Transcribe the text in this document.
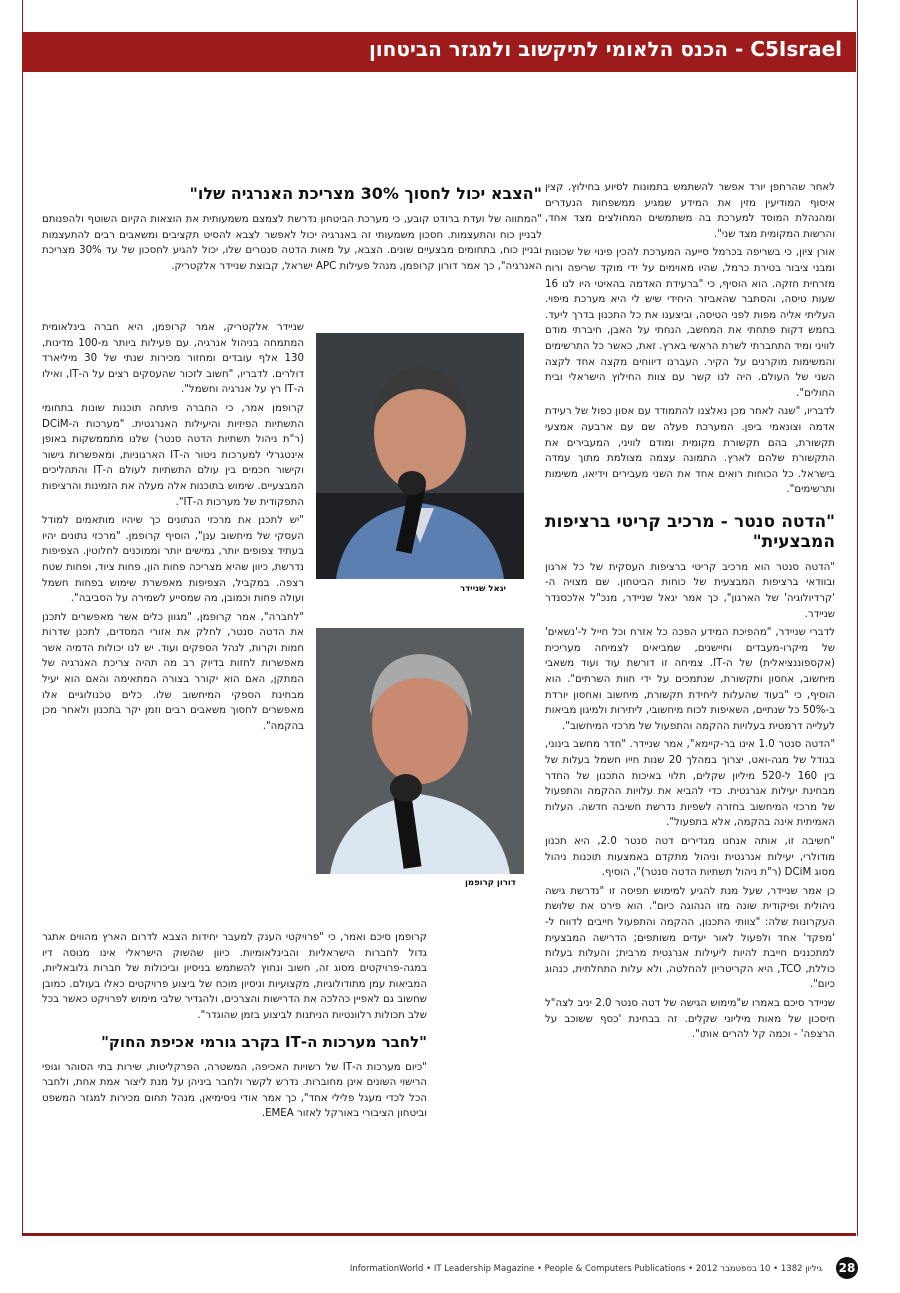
C5Israel - הכנס הלאומי לתיקשוב ולמגזר הביטחון

לאחר שהרחפן יורד אפשר להשתמש בתמונות לסיוע בחילוץ. קצין איסוף המודיעין מזין את המידע שמגיע ממשפחות הנעדרים ומהנהלת המוסד למערכת בה משתמשים המחולצים מצד אחד, והרשות המקומית מצד שני".

אורן ציון, כי בשריפה בכרמל סייעה המערכת להכין פינוי של שכונות ומבני ציבור בטירת כרמל, שהיו מאוימים על ידי מוקד שריפה ורוח מזרחית חזקה. הוא הוסיף, כי "ברעידת האדמה בהאיטי היו לנו 16 שעות טיסה, והסתבר שהאביזר היחידי שיש לי היא מערכת מיפוי. העליתי אליה מפות לפני הטיסה, וביצענו את כל התכנון בדרך ליעד. בחמש דקות פתחתי את המחשב, הנחתי על האבן, חיברתי מודם לוויני ומיד התחברתי לשרת הראשי בארץ. זאת, כאשר כל התרשימים והמשימות מוקרנים על הקיר. העברנו דיווחים מקצה אחד לקצה השני של העולם. היה לנו קשר עם צוות החילוץ הישראלי ובית החולים".

לדבריו, "שנה לאחר מכן נאלצנו להתמודד עם אסון כפול של רעידת אדמה וצונאמי ביפן. המערכת פעלה שם עם ארבעה אמצעי תקשורת, בהם תקשורת מקומית ומודם לוויני, המעבירים את התקשורת שלהם לארץ. התמונה עצמה מצולמת מתוך עמדה בישראל. כל הכוחות רואים אחד את השני מעבירים וידיאו, משימות ותרשימים".

"הדטה סנטר - מרכיב קריטי ברציפות המבצעית"

"הדטה סנטר הוא מרכיב קריטי ברציפות העסקית של כל ארגון ובוודאי ברציפות המבצעית של כוחות הביטחון. שם מצויה ה-'קרדיולוגיה' של הארגון", כך אמר יגאל שניידר, מנכ"ל אלכסנדר שניידר.

לדברי שניידר, "מהפיכת המידע הפכה כל אזרח וכל חייל ל-'נשאים' של מיקרו-מעבדים וחיישנים, שמביאים לצמיחה מעריכית (אקספוננציאלית) של ה-IT. צמיחה זו דורשת עוד ועוד משאבי מיחשוב, אחסון ותקשורת, שנתמכים על ידי חוות השרתים". הוא הוסיף, כי "בעוד שהעלות ליחידת תקשורת, מיחשוב ואחסון יורדת ב-50% כל שנתיים, השאיפות לכוח מיחשובי, ליתירות ולמיגון מביאות לעלייה דרמטית בעלויות ההקמה והתפעול של מרכזי המיחשוב".

"הדטה סנטר 1.0 אינו בר-קיימא", אמר שניידר. "חדר מחשב בינוני, בגודל של מגה-ואט, יצרוך במהלך 20 שנות חייו חשמל בעלות של בין 160 ל-520 מיליון שקלים, תלוי באיכות התכנון של החדר מבחינת יעילות אנרגטית. כדי להביא את עלויות ההקמה והתפעול של מרכזי המיחשוב בחזרה לשפיות נדרשת חשיבה חדשה. העלות האמיתית אינה בהקמה, אלא בתפעול".

"חשיבה זו, אותה אנחנו מגדירים דטה סנטר 2.0, היא תכנון מודולרי, יעילות אנרגטית וניהול מתקדם באמצעות תוכנות ניהול מסוג DCiM (ר"ת ניהול תשתיות הדטה סנטר)", הוסיף.

כן אמר שניידר, שעל מנת להגיע למימוש תפיסה זו "נדרשת גישה ניהולית ופיקודית שונה מזו הנהוגה כיום". הוא פירט את שלושת העקרונות שלה: "צוותי התכנון, ההקמה והתפעול חייבים לדווח ל-'מפקד' אחד ולפעול לאור יעדים משותפים; הדרישה המבצעית למתכננים חייבת להיות ליעילות אנרגטית מרבית; והעלות בעלות כוללת, TCO, היא הקריטריון להחלטה, ולא עלות התחלתית, כנהוג כיום".

שניידר סיכם באמרו ש"מימוש הגישה של דטה סנטר 2.0 יניב לצה"ל חיסכון של מאות מיליוני שקלים. זה בבחינת 'כסף ששוכב על הרצפה' - וכמה קל להרים אותו".

יגאל שניידר
דורון קרופמן
"הצבא יכול לחסוך 30% מצריכת האנרגיה שלו"

"המתווה של ועדת ברודט קובע, כי מערכת הביטחון נדרשת לצמצם משמעותית את הוצאות הקיום השוטף ולהפנותם לבניין כוח והתעצמות. חסכון משמעותי זה באנרגיה יכול לאפשר לצבא להסיט תקציבים ומשאבים רבים להתעצמות ובניין כוח, בתחומים מבצעיים שונים. הצבא, על מאות הדטה סנטרים שלו, יכול להגיע לחסכון של עד 30% מצריכת האנרגיה", כך אמר דורון קרופמן, מנהל פעילות APC ישראל, קבוצת שניידר אלקטריק.

שניידר אלקטריק, אמר קרופמן, היא חברה בינלאומית המתמחה בניהול אנרגיה, עם פעילות ביותר מ-100 מדינות, 130 אלף עובדים ומחזור מכירות שנתי של 30 מיליארד דולרים. לדבריו, "חשוב לזכור שהעסקים רצים על ה-IT, ואילו ה-IT רץ על אנרגיה וחשמל".

קרופמן אמר, כי החברה פיתחה תוכנות שונות בתחומי התשתיות הפיזיות והיעילות האנרגטית. "מערכות ה-DCiM (ר"ת ניהול תשתיות הדטה סנטר) שלנו מתממשקות באופן אינטגרלי למערכות ניטור ה-IT הארגוניות, ומאפשרות גישור וקישור חכמים בין עולם התשתיות לעולם ה-IT והתהליכים המבצעיים. שימוש בתוכנות אלה מעלה את הזמינות והרציפות התפקודית של מערכות ה-IT".

"יש לתכנן את מרכזי הנתונים כך שיהיו מותאמים למודל העסקי של מיחשוב ענן", הוסיף קרופמן. "מרכזי נתונים יהיו בעתיד צפופים יותר, גמישים יותר וממוכנים לחלוטין. הצפיפות נדרשת, כיוון שהיא מצריכה פחות הון, פחות ציוד, ופחות שטח רצפה. במקביל, הצפיפות מאפשרת שימוש בפחות חשמל ועולה פחות וכמובן, מה שמסייע לשמירה על הסביבה".

"לחברה", אמר קרופמן, "מגוון כלים אשר מאפשרים לתכנן את הדטה סנטר, לחלק את אזורי המסדים, לתכנן שדרות חמות וקרות, לנהל הספקים ועוד. יש לנו יכולות הדמיה אשר מאפשרות לחזות בדיוק רב מה תהיה צריכת האנרגיה של המתקן, האם הוא יקורר בצורה המתאימה והאם הוא יעיל מבחינת הספקי המיחשוב שלו. כלים טכנולוגיים אלו מאפשרים לחסוך משאבים רבים וזמן יקר בתכנון ולאחר מכן בהקמה".

קרופמן סיכם ואמר, כי "פרויקטי הענק למעבר יחידות הצבא לדרום הארץ מהווים אתגר גדול לחברות הישראליות והבינלאומיות. כיוון שהשוק הישראלי אינו מנוסה דיו במגה-פרויקטים מסוג זה, חשוב ונחוץ להשתמש בניסיון וביכולות של חברות גלובאליות, המביאות עמן מתודולוגיות, מקצועיות וניסיון מוכח של ביצוע פרויקטים כאלו בעולם. כמובן שחשוב גם לאפיין כהלכה את הדרישות והצרכים, ולהגדיר שלבי מימוש לפרויקט כאשר בכל שלב תכולות רלוונטיות הניתנות לביצוע בזמן שהוגדר".

"לחבר מערכות ה-IT בקרב גורמי אכיפת החוק"

"כיום מערכות ה-IT של רשויות האכיפה, המשטרה, הפרקליטות, שירות בתי הסוהר וגופי הרישוי השונים אינן מחוברות. נדרש לקשר ולחבר ביניהן על מנת ליצור אמת אחת, ולחבר הכל לכדי מעגל פלילי אחד", כך אמר אודי ניסימיאן, מנהל תחום מכירות למגזר המשפט וביטחון הציבורי באורקל לאזור EMEA.

28
גיליון 1382 • 10 בספטמבר 2012 • InformationWorld • IT Leadership Magazine • People & Computers Publications
